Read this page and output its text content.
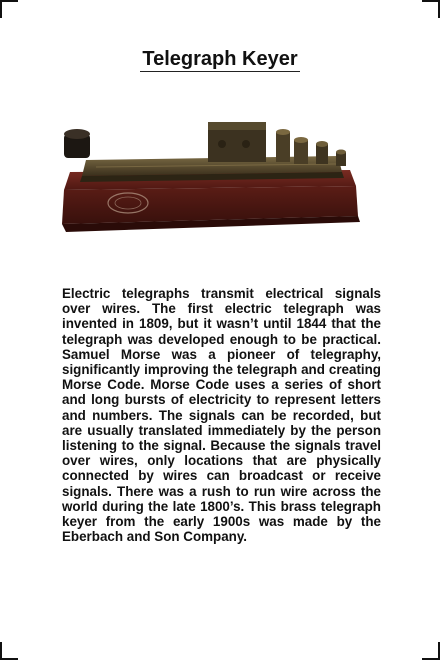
Telegraph Keyer
Electric telegraphs transmit electrical signals over wires. The first electric telegraph was invented in 1809, but it wasn’t until 1844 that the telegraph was developed enough to be practical. Samuel Morse was a pioneer of telegraphy, significantly improving the telegraph and creating Morse Code. Morse Code uses a series of short and long bursts of electricity to represent letters and numbers. The signals can be recorded, but are usually translated immediately by the person listening to the signal. Because the signals travel over wires, only locations that are physically connected by wires can broadcast or receive signals. There was a rush to run wire across the world during the late 1800’s. This brass telegraph keyer from the early 1900s was made by the Eberbach and Son Company.
